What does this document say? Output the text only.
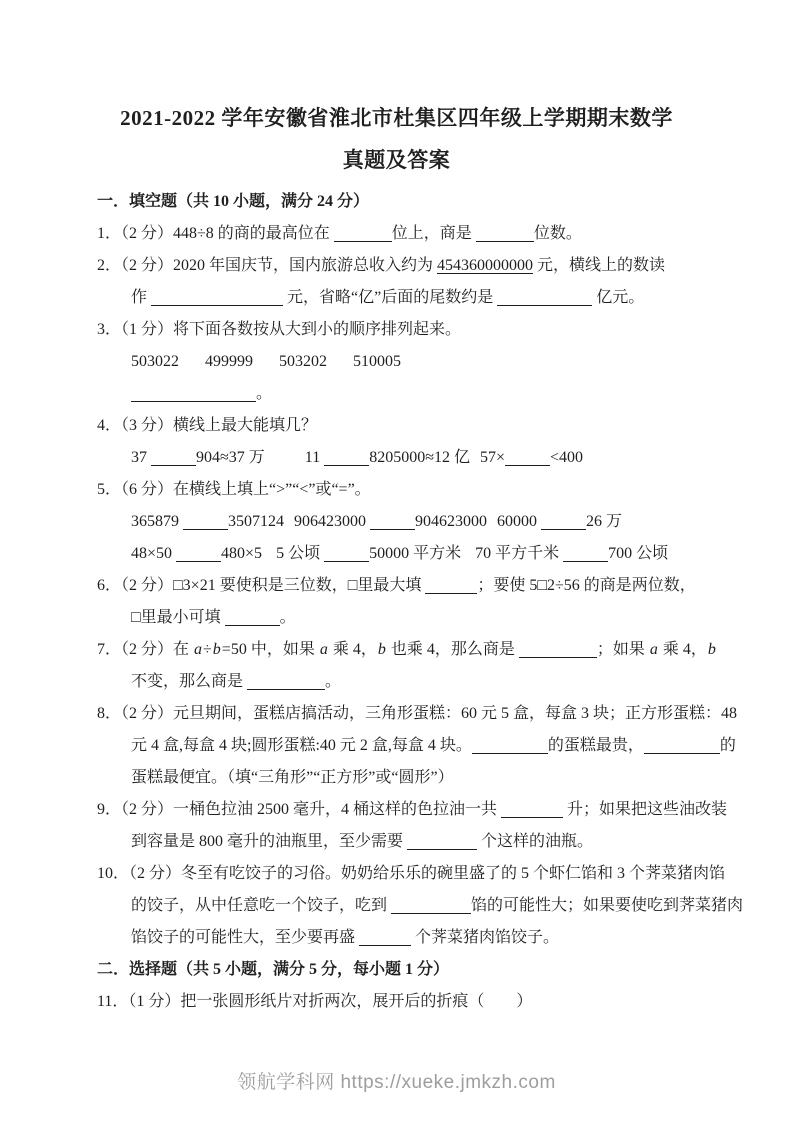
2021-2022 学年安徽省淮北市杜集区四年级上学期期末数学
真题及答案
一．填空题（共 10 小题，满分 24 分）
1．（2 分）448÷8 的商的最高位在	位上，商是	位数。
2．（2 分）2020 年国庆节，国内旅游总收入约为 454360000000 元，横线上的数读
作	元，省略“亿”后面的尾数约是	亿元。
3．（1 分）将下面各数按从大到小的顺序排列起来。
503022 499999 503202 510005
。
4．（3 分）横线上最大能填几？
37	904≈37 万	11	8205000≈12 亿 57×	<400
5．（6 分）在横线上填上“>”“<”或“=”。
365879	3507124 906423000	904623000 60000	26 万
48×50	480×5 5 公顷	50000 平方米 70 平方千米	700 公顷
6．（2 分）□3×21 要使积是三位数，□里最大填	；要使 5□2÷56 的商是两位数，
□里最小可填	。
7．（2 分）在 a÷b=50 中，如果 a 乘 4，b 也乘 4，那么商是	；如果 a 乘 4，b
不变，那么商是	。
8．（2 分）元旦期间，蛋糕店搞活动，三角形蛋糕：60 元 5 盒，每盒 3 块；正方形蛋糕：48
元 4 盒,每盒 4 块;圆形蛋糕:40 元 2 盒,每盒 4 块。	的蛋糕最贵，	的
蛋糕最便宜。（填“三角形”“正方形”或“圆形”）
9．（2 分）一桶色拉油 2500 毫升，4 桶这样的色拉油一共	升；如果把这些油改装
到容量是 800 毫升的油瓶里，至少需要	个这样的油瓶。
10．（2 分）冬至有吃饺子的习俗。奶奶给乐乐的碗里盛了的 5 个虾仁馅和 3 个荠菜猪肉馅
的饺子，从中任意吃一个饺子，吃到	馅的可能性大；如果要使吃到荠菜猪肉
馅饺子的可能性大，至少要再盛	个荠菜猪肉馅饺子。
二．选择题（共 5 小题，满分 5 分，每小题 1 分）
11．（1 分）把一张圆形纸片对折两次，展开后的折痕（　　）
领航学科网 https://xueke.jmkzh.com
